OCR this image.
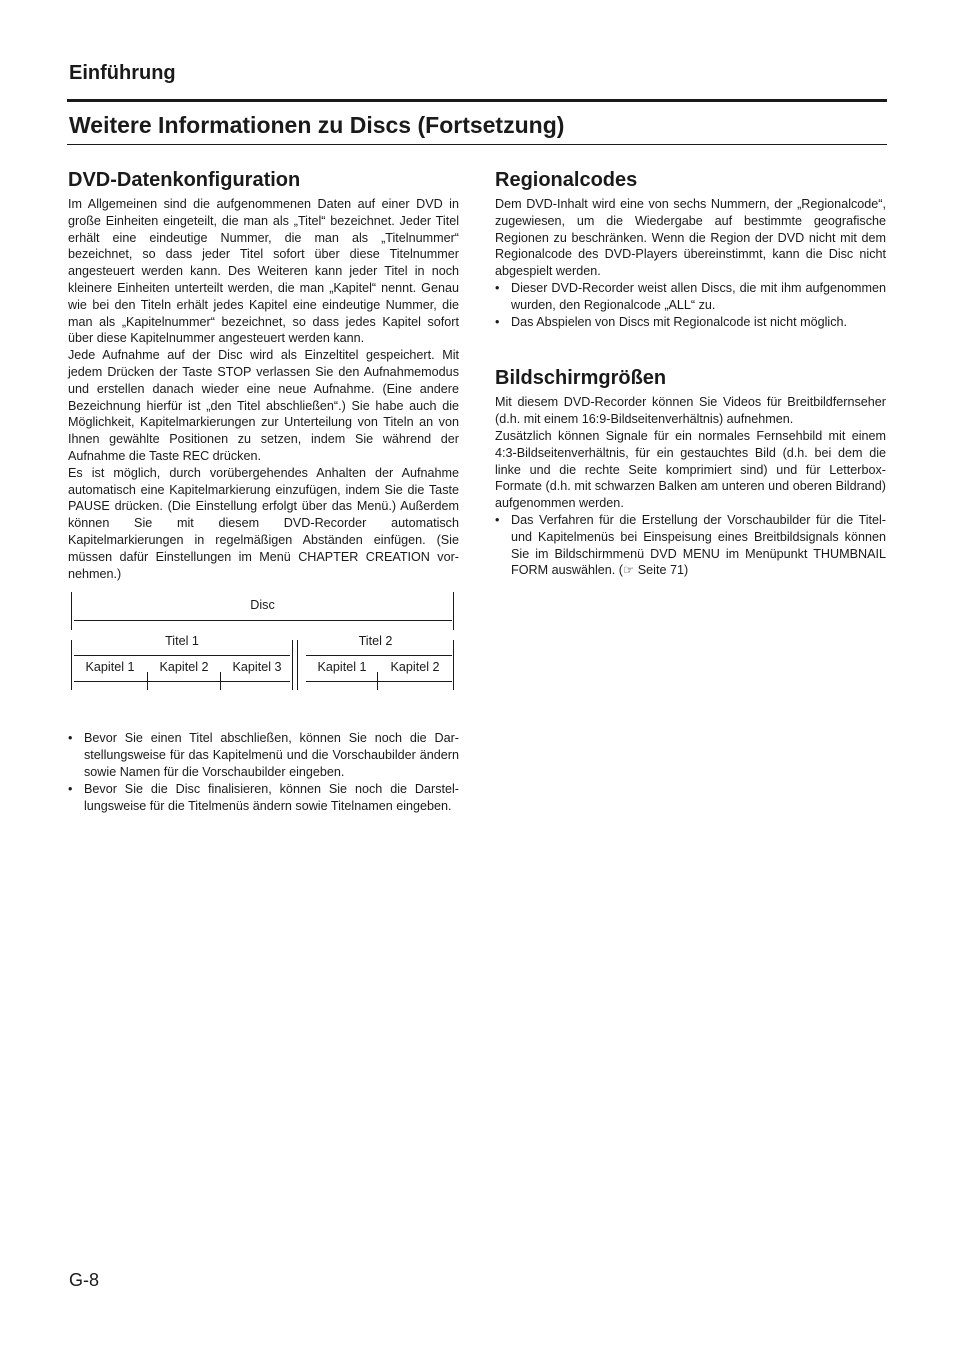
Einführung
Weitere Informationen zu Discs (Fortsetzung)
DVD-Datenkonfiguration

Im Allgemeinen sind die aufgenommenen Daten auf einer DVD in große Einheiten eingeteilt, die man als „Titel“ bezeichnet. Jeder Titel erhält eine eindeutige Nummer, die man als „Titelnummer“ bezeichnet, so dass jeder Titel sofort über diese Titelnummer angesteuert werden kann. Des Weiteren kann jeder Titel in noch kleinere Einheiten unterteilt werden, die man „Kapitel“ nennt. Genau wie bei den Titeln erhält jedes Kapitel eine eindeutige Nummer, die man als „Kapitelnummer“ bezeichnet, so dass jedes Kapitel sofort über diese Kapitelnummer angesteuert werden kann.

Jede Aufnahme auf der Disc wird als Einzeltitel gespeichert. Mit jedem Drücken der Taste STOP verlassen Sie den Aufnahmemodus und erstellen danach wieder eine neue Aufnahme. (Eine andere Bezeichnung hierfür ist „den Titel abschließen“.) Sie habe auch die Möglichkeit, Kapitelmarkierungen zur Unterteilung von Titeln an von Ihnen gewählte Positionen zu setzen, indem Sie während der Aufnahme die Taste REC drücken.

Es ist möglich, durch vorübergehendes Anhalten der Aufnahme automatisch eine Kapitelmarkierung einzufügen, indem Sie die Taste PAUSE drücken. (Die Einstellung erfolgt über das Menü.) Außerdem können Sie mit diesem DVD-Recorder automatisch Kapitelmarkierungen in regelmäßigen Abständen einfügen. (Sie müssen dafür Einstellungen im Menü CHAPTER CREATION vornehmen.)

Disc
Titel 1
Kapitel 1	Kapitel 2	Kapitel 3
Titel 2
Kapitel 1	Kapitel 2
• Bevor Sie einen Titel abschließen, können Sie noch die Darstellungsweise für das Kapitelmenü und die Vorschaubilder ändern sowie Namen für die Vorschaubilder eingeben.
• Bevor Sie die Disc finalisieren, können Sie noch die Darstellungsweise für die Titelmenüs ändern sowie Titelnamen eingeben.
Regionalcodes

Dem DVD-Inhalt wird eine von sechs Nummern, der „Regionalcode“, zugewiesen, um die Wiedergabe auf bestimmte geografische Regionen zu beschränken. Wenn die Region der DVD nicht mit dem Regionalcode des DVD-Players übereinstimmt, kann die Disc nicht abgespielt werden.

• Dieser DVD-Recorder weist allen Discs, die mit ihm aufgenommen wurden, den Regionalcode „ALL“ zu.
• Das Abspielen von Discs mit Regionalcode ist nicht möglich.
Bildschirmgrößen

Mit diesem DVD-Recorder können Sie Videos für Breitbildfernseher (d.h. mit einem 16:9-Bildseitenverhältnis) aufnehmen.

Zusätzlich können Signale für ein normales Fernsehbild mit einem 4:3-Bildseitenverhältnis, für ein gestauchtes Bild (d.h. bei dem die linke und die rechte Seite komprimiert sind) und für Letterbox-Formate (d.h. mit schwarzen Balken am unteren und oberen Bildrand) aufgenommen werden.

• Das Verfahren für die Erstellung der Vorschaubilder für die Titel- und Kapitelmenüs bei Einspeisung eines Breitbildsignals können Sie im Bildschirmmenü DVD MENU im Menüpunkt THUMBNAIL FORM auswählen. (☞ Seite 71)
G-8
